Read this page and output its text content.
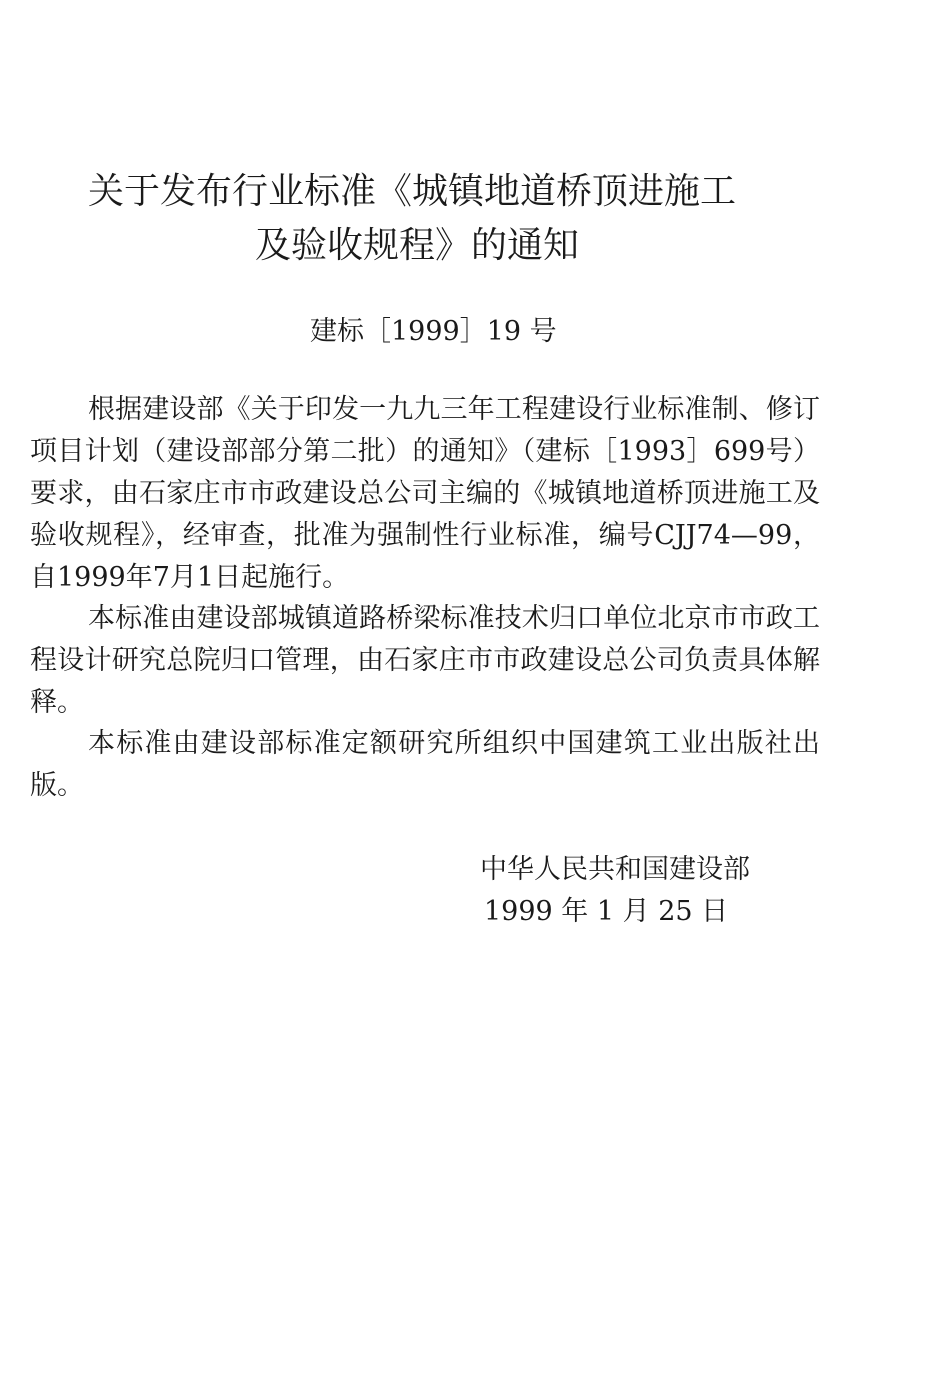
关于发布行业标准《城镇地道桥顶进施工
及验收规程》的通知
建标［1999］19 号

根据建设部《关于印发一九九三年工程建设行业标准制、修订项目计划（建设部部分第二批）的通知》（建标［1993］699号）要求，由石家庄市市政建设总公司主编的《城镇地道桥顶进施工及验收规程》，经审查，批准为强制性行业标准，编号CJJ74—99，自1999年7月1日起施行。

本标准由建设部城镇道路桥梁标准技术归口单位北京市市政工程设计研究总院归口管理，由石家庄市市政建设总公司负责具体解释。

本标准由建设部标准定额研究所组织中国建筑工业出版社出版。

中华人民共和国建设部
1999 年 1 月 25 日
